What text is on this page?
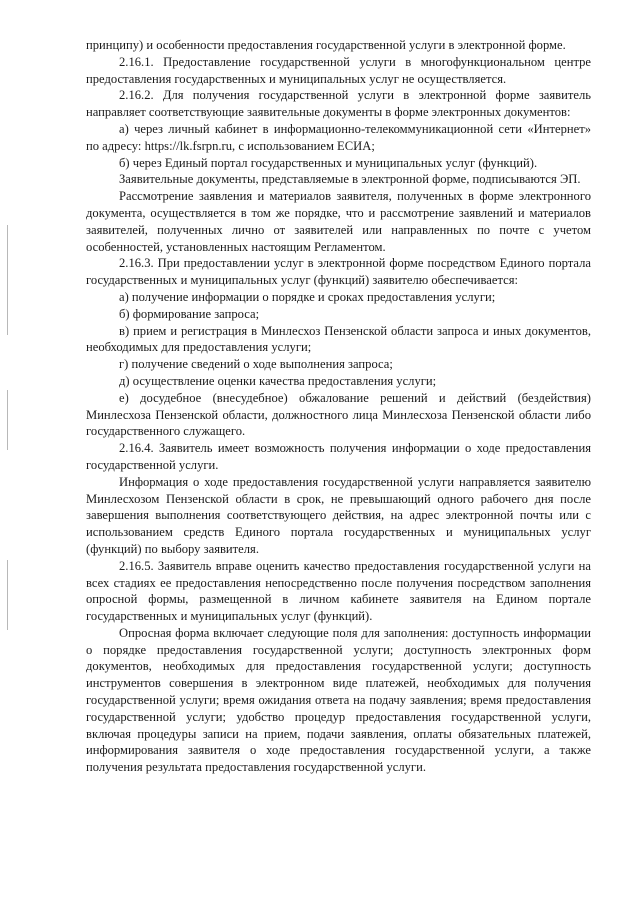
принципу) и особенности предоставления государственной услуги в электронной форме.

2.16.1. Предоставление государственной услуги в многофункциональном центре предоставления государственных и муниципальных услуг не осуществляется.

2.16.2. Для получения государственной услуги в электронной форме заявитель направляет соответствующие заявительные документы в форме электронных документов:

а) через личный кабинет в информационно-телекоммуникационной сети «Интернет» по адресу: https://lk.fsrpn.ru, с использованием ЕСИА;

б) через Единый портал государственных и муниципальных услуг (функций).

Заявительные документы, представляемые в электронной форме, подписываются ЭП.

Рассмотрение заявления и материалов заявителя, полученных в форме электронного документа, осуществляется в том же порядке, что и рассмотрение заявлений и материалов заявителей, полученных лично от заявителей или направленных по почте с учетом особенностей, установленных настоящим Регламентом.

2.16.3. При предоставлении услуг в электронной форме посредством Единого портала государственных и муниципальных услуг (функций) заявителю обеспечивается:

а) получение информации о порядке и сроках предоставления услуги;

б) формирование запроса;

в) прием и регистрация в Минлесхоз Пензенской области запроса и иных документов, необходимых для предоставления услуги;

г) получение сведений о ходе выполнения запроса;

д) осуществление оценки качества предоставления услуги;

е) досудебное (внесудебное) обжалование решений и действий (бездействия) Минлесхоза Пензенской области, должностного лица Минлесхоза Пензенской области либо государственного служащего.

2.16.4. Заявитель имеет возможность получения информации о ходе предоставления государственной услуги.

Информация о ходе предоставления государственной услуги направляется заявителю Минлесхозом Пензенской области в срок, не превышающий одного рабочего дня после завершения выполнения соответствующего действия, на адрес электронной почты или с использованием средств Единого портала государственных и муниципальных услуг (функций) по выбору заявителя.

2.16.5. Заявитель вправе оценить качество предоставления государственной услуги на всех стадиях ее предоставления непосредственно после получения посредством заполнения опросной формы, размещенной в личном кабинете заявителя на Едином портале государственных и муниципальных услуг (функций).

Опросная форма включает следующие поля для заполнения: доступность информации о порядке предоставления государственной услуги; доступность электронных форм документов, необходимых для предоставления государственной услуги; доступность инструментов совершения в электронном виде платежей, необходимых для получения государственной услуги; время ожидания ответа на подачу заявления; время предоставления государственной услуги; удобство процедур предоставления государственной услуги, включая процедуры записи на прием, подачи заявления, оплаты обязательных платежей, информирования заявителя о ходе предоставления государственной услуги, а также получения результата предоставления государственной услуги.
